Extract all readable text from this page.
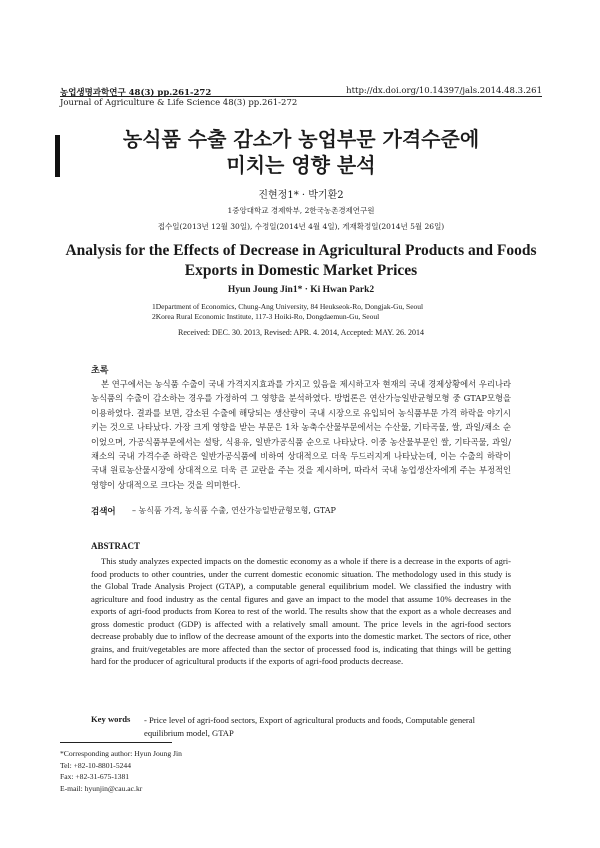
농업생명과학연구 48(3) pp.261-272	http://dx.doi.org/10.14397/jals.2014.48.3.261
Journal of Agriculture & Life Science 48(3) pp.261-272
농식품 수출 감소가 농업부문 가격수준에
미치는 영향 분석
진현정1* · 박기환2
1중앙대학교 경제학부, 2한국농촌경제연구원
접수일(2013년 12월 30일), 수정일(2014년 4월 4일), 게재확정일(2014년 5월 26일)
Analysis for the Effects of Decrease in Agricultural Products and Foods
Exports in Domestic Market Prices
Hyun Joung Jin1* · Ki Hwan Park2
1Department of Economics, Chung-Ang University, 84 Heukseok-Ro, Dongjak-Gu, Seoul
2Korea Rural Economic Institute, 117-3 Hoiki-Ro, Dongdaemun-Gu, Seoul
Received: DEC. 30. 2013, Revised: APR. 4. 2014, Accepted: MAY. 26. 2014
초록

본 연구에서는 농식품 수출이 국내 가격지지효과를 가지고 있음을 제시하고자 현재의 국내 경제상황에서 우리나라 농식품의 수출이 감소하는 경우를 가정하여 그 영향을 분석하였다. 방법론은 연산가능일반균형모형 중 GTAP모형을 이용하였다. 결과를 보면, 감소된 수출에 해당되는 생산량이 국내 시장으로 유입되어 농식품부문 가격 하락을 야기시키는 것으로 나타났다. 가장 크게 영향을 받는 부문은 1차 농축수산물부문에서는 수산물, 기타곡물, 쌀, 과일/채소 순이었으며, 가공식품부문에서는 설탕, 식용유, 일반가공식품 순으로 나타났다. 이중 농산물부문인 쌀, 기타곡물, 과일/채소의 국내 가격수준 하락은 일반가공식품에 비하여 상대적으로 더욱 두드러지게 나타났는데, 이는 수출의 하락이 국내 원료농산물시장에 상대적으로 더욱 큰 교란을 주는 것을 제시하며, 따라서 국내 농업생산자에게 주는 부정적인 영향이 상대적으로 크다는 것을 의미한다.

검색어 – 농식품 가격, 농식품 수출, 연산가능일반균형모형, GTAP
ABSTRACT

This study analyzes expected impacts on the domestic economy as a whole if there is a decrease in the exports of agri-food products to other countries, under the current domestic economic situation. The methodology used in this study is the Global Trade Analysis Project (GTAP), a computable general equilibrium model. We classified the industry with agriculture and food industry as the cental figures and gave an impact to the model that assume 10% decreases in the exports of agri-food products from Korea to rest of the world. The results show that the export as a whole decreases and gross domestic product (GDP) is affected with a relatively small amount. The price levels in the agri-food sectors decrease probably due to inflow of the decrease amount of the exports into the domestic market. The sectors of rice, other grains, and fruit/vegetables are more affected than the sector of processed food is, indicating that things will be getting hard for the producer of agricultural products if the exports of agri-food products decrease.

Key words - Price level of agri-food sectors, Export of agricultural products and foods, Computable general equilibrium model, GTAP
*Corresponding author: Hyun Joung Jin
Tel: +82-10-8801-5244
Fax: +82-31-675-1381
E-mail: hyunjin@cau.ac.kr
